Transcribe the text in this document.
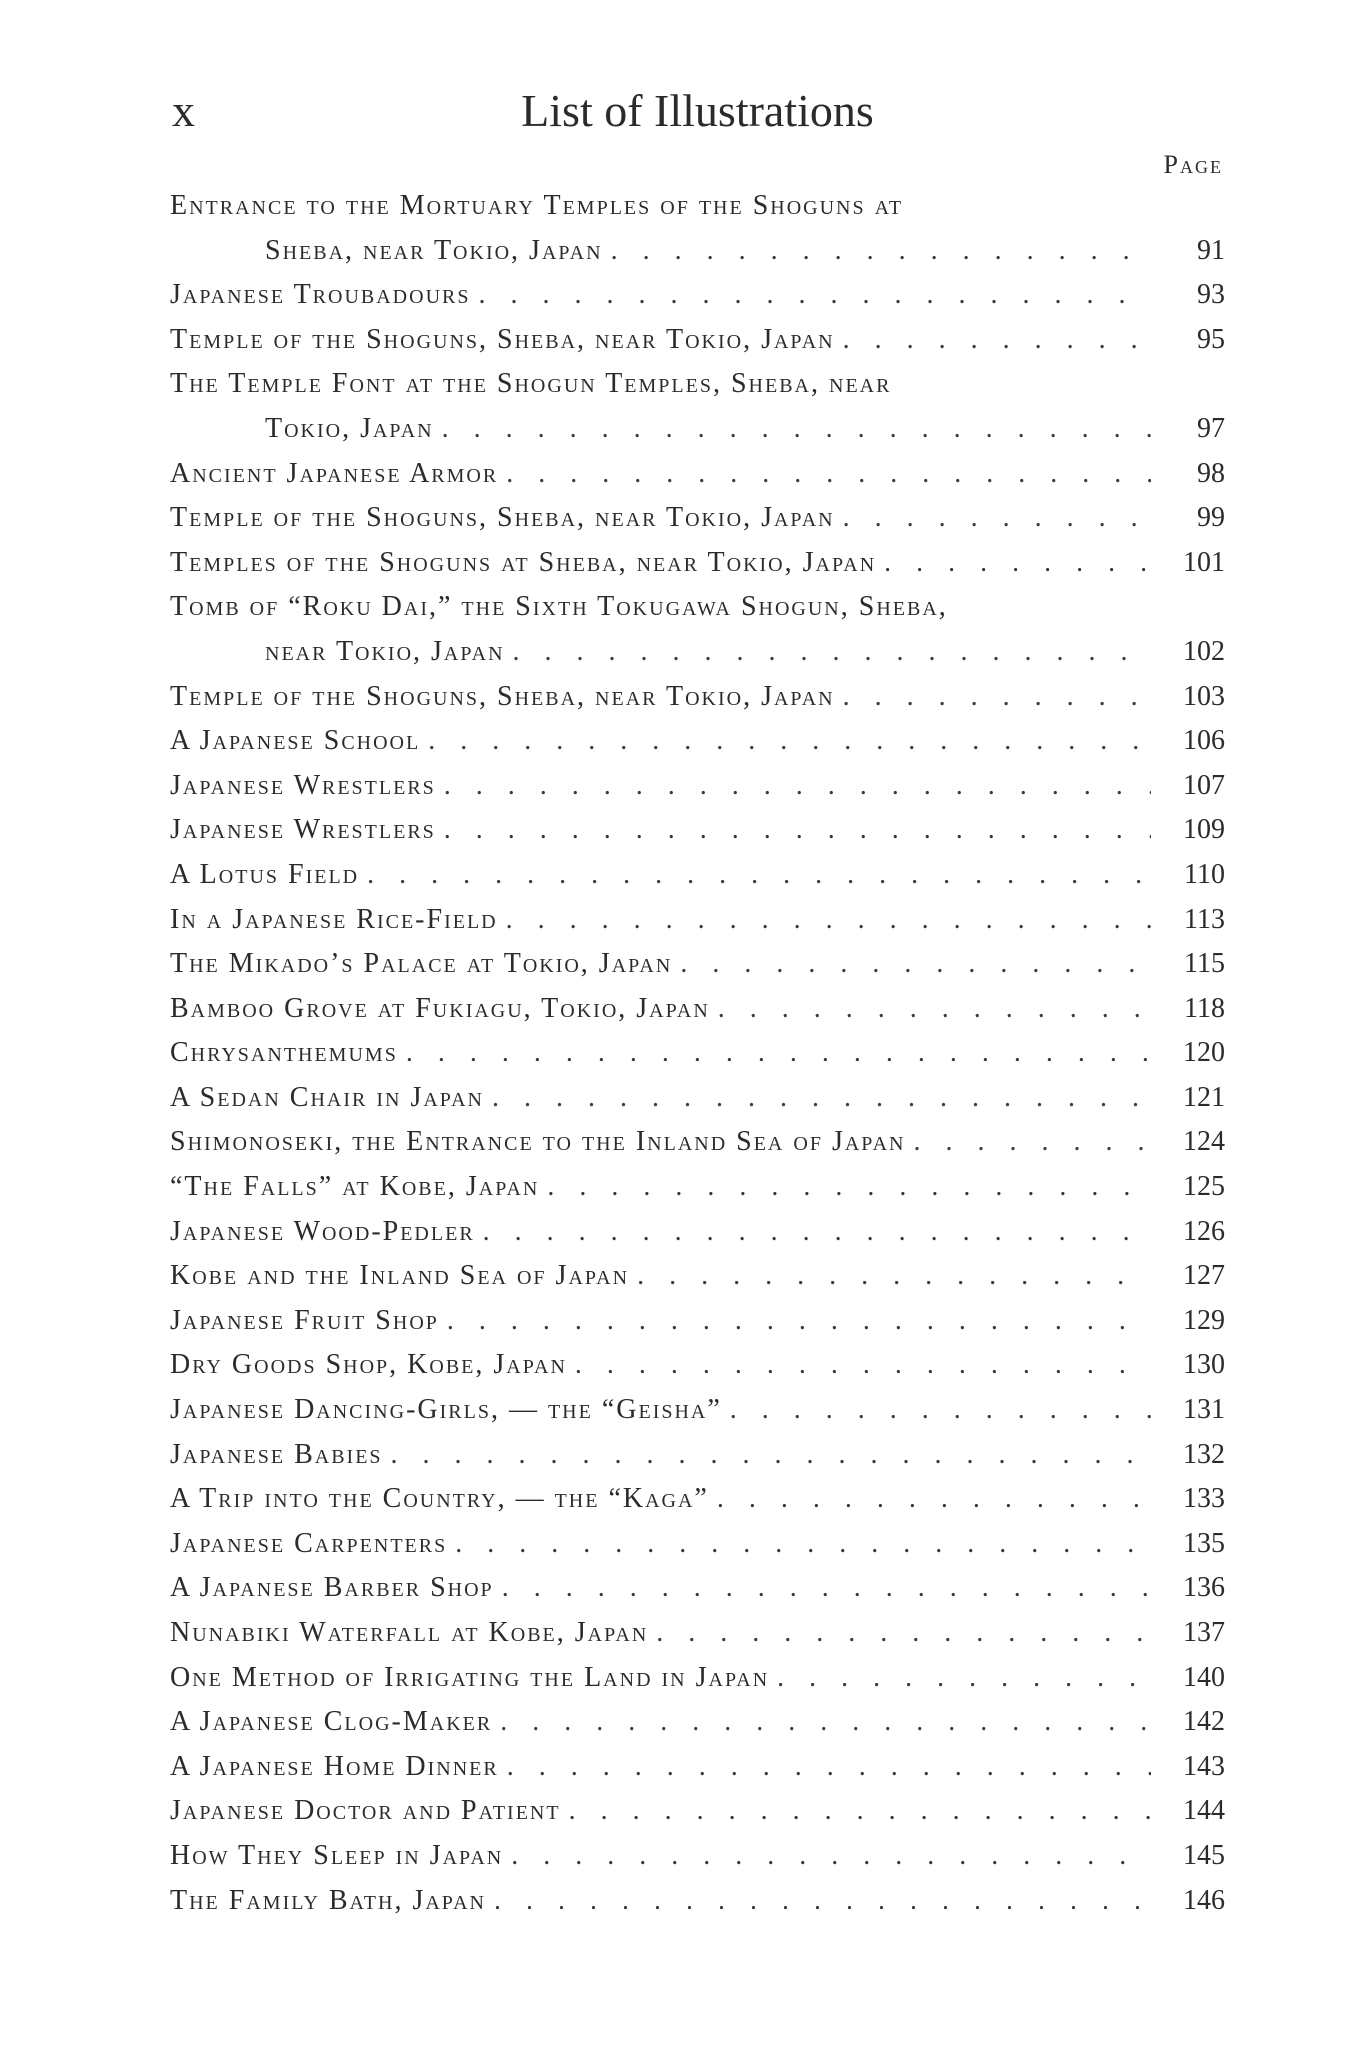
x	List of Illustrations
Page
Entrance to the Mortuary Temples of the Shoguns at
Sheba, near Tokio, Japan . . .	91
Japanese Troubadours . . .	93
Temple of the Shoguns, Sheba, near Tokio, Japan . . .	95
The Temple Font at the Shogun Temples, Sheba, near
Tokio, Japan . . .	97
Ancient Japanese Armor . . .	98
Temple of the Shoguns, Sheba, near Tokio, Japan . . .	99
Temples of the Shoguns at Sheba, near Tokio, Japan . . .	101
Tomb of “Roku Dai,” the Sixth Tokugawa Shogun, Sheba,
near Tokio, Japan . . .	102
Temple of the Shoguns, Sheba, near Tokio, Japan . . .	103
A Japanese School . . .	106
Japanese Wrestlers . . .	107
Japanese Wrestlers . . .	109
A Lotus Field . . .	110
In a Japanese Rice-Field . . .	113
The Mikado’s Palace at Tokio, Japan . . .	115
Bamboo Grove at Fukiagu, Tokio, Japan . . .	118
Chrysanthemums . . .	120
A Sedan Chair in Japan . . .	121
Shimonoseki, the Entrance to the Inland Sea of Japan . . .	124
“The Falls” at Kobe, Japan . . .	125
Japanese Wood-Pedler . . .	126
Kobe and the Inland Sea of Japan . . .	127
Japanese Fruit Shop . . .	129
Dry Goods Shop, Kobe, Japan . . .	130
Japanese Dancing-Girls, — the “Geisha” . . .	131
Japanese Babies . . .	132
A Trip into the Country, — the “Kaga” . . .	133
Japanese Carpenters . . .	135
A Japanese Barber Shop . . .	136
Nunabiki Waterfall at Kobe, Japan . . .	137
One Method of Irrigating the Land in Japan . . .	140
A Japanese Clog-Maker . . .	142
A Japanese Home Dinner . . .	143
Japanese Doctor and Patient . . .	144
How They Sleep in Japan . . .	145
The Family Bath, Japan . . .	146
